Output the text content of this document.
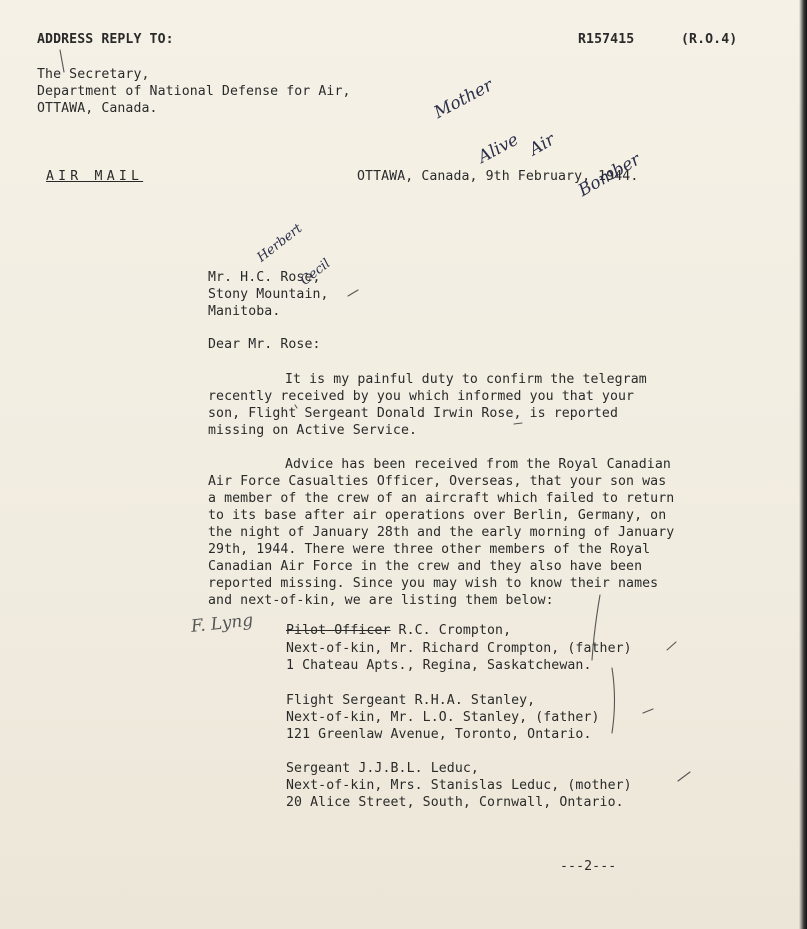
ADDRESS REPLY TO:	R157415	(R.O.4)
The Secretary,
Department of National Defense for Air,
OTTAWA, Canada.
AIR MAIL	OTTAWA, Canada, 9th February, 1944.
Mr. H.C. Rose,
Stony Mountain,
Manitoba.
Dear Mr. Rose:
It is my painful duty to confirm the telegram
recently received by you which informed you that your
son, Flight Sergeant Donald Irwin Rose, is reported
missing on Active Service.
Advice has been received from the Royal Canadian
Air Force Casualties Officer, Overseas, that your son was
a member of the crew of an aircraft which failed to return
to its base after air operations over Berlin, Germany, on
the night of January 28th and the early morning of January
29th, 1944. There were three other members of the Royal
Canadian Air Force in the crew and they also have been
reported missing. Since you may wish to know their names
and next-of-kin, we are listing them below:
Pilot Officer R.C. Crompton,
Next-of-kin, Mr. Richard Crompton, (father)
1 Chateau Apts., Regina, Saskatchewan.
Flight Sergeant R.H.A. Stanley,
Next-of-kin, Mr. L.O. Stanley, (father)
121 Greenlaw Avenue, Toronto, Ontario.
Sergeant J.J.B.L. Leduc,
Next-of-kin, Mrs. Stanislas Leduc, (mother)
20 Alice Street, South, Cornwall, Ontario.
---2---

Mother

Alive

Air

Bomber

Herbert

Cecil

F. Lyng
